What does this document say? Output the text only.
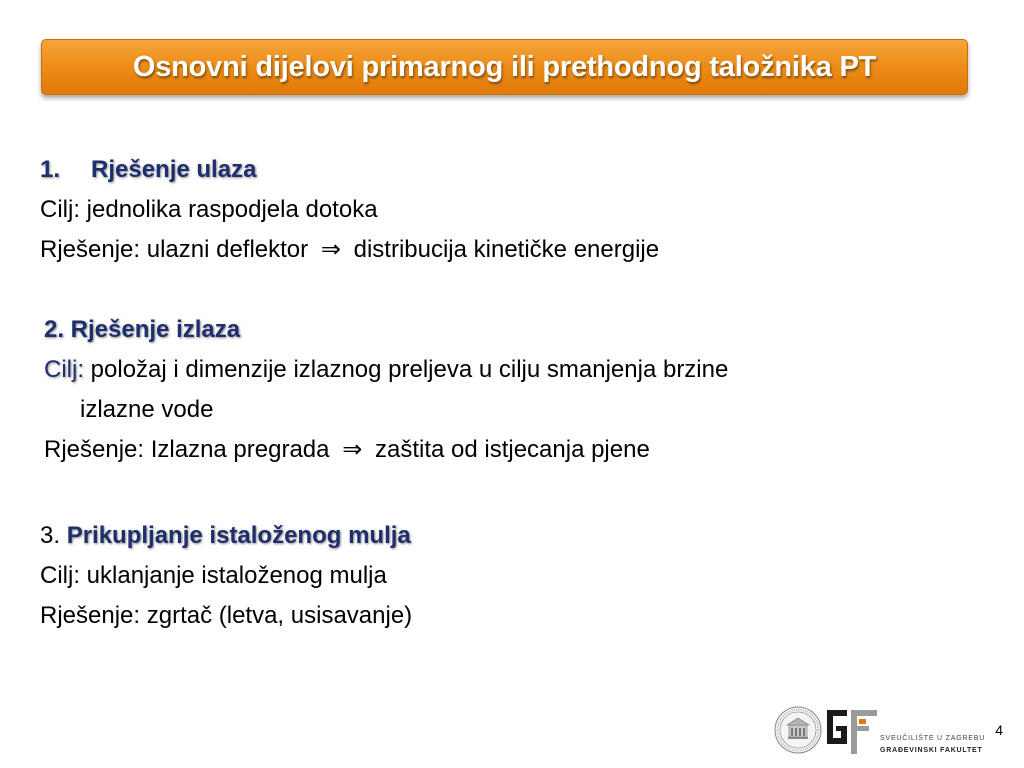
Osnovni dijelovi primarnog ili prethodnog taložnika PT
1. Rješenje ulaza
Cilj: jednolika raspodjela dotoka
Rješenje: ulazni deflektor ⇒ distribucija kinetičke energije
2. Rješenje izlaza
Cilj: položaj i dimenzije izlaznog preljeva u cilju smanjenja brzine
izlazne vode
Rješenje: Izlazna pregrada ⇒ zaštita od istjecanja pjene
3. Prikupljanje istaloženog mulja
Cilj: uklanjanje istaloženog mulja
Rješenje: zgrtač (letva, usisavanje)
SVEUČILIŠTE U ZAGREBU
GRAĐEVINSKI FAKULTET
4
